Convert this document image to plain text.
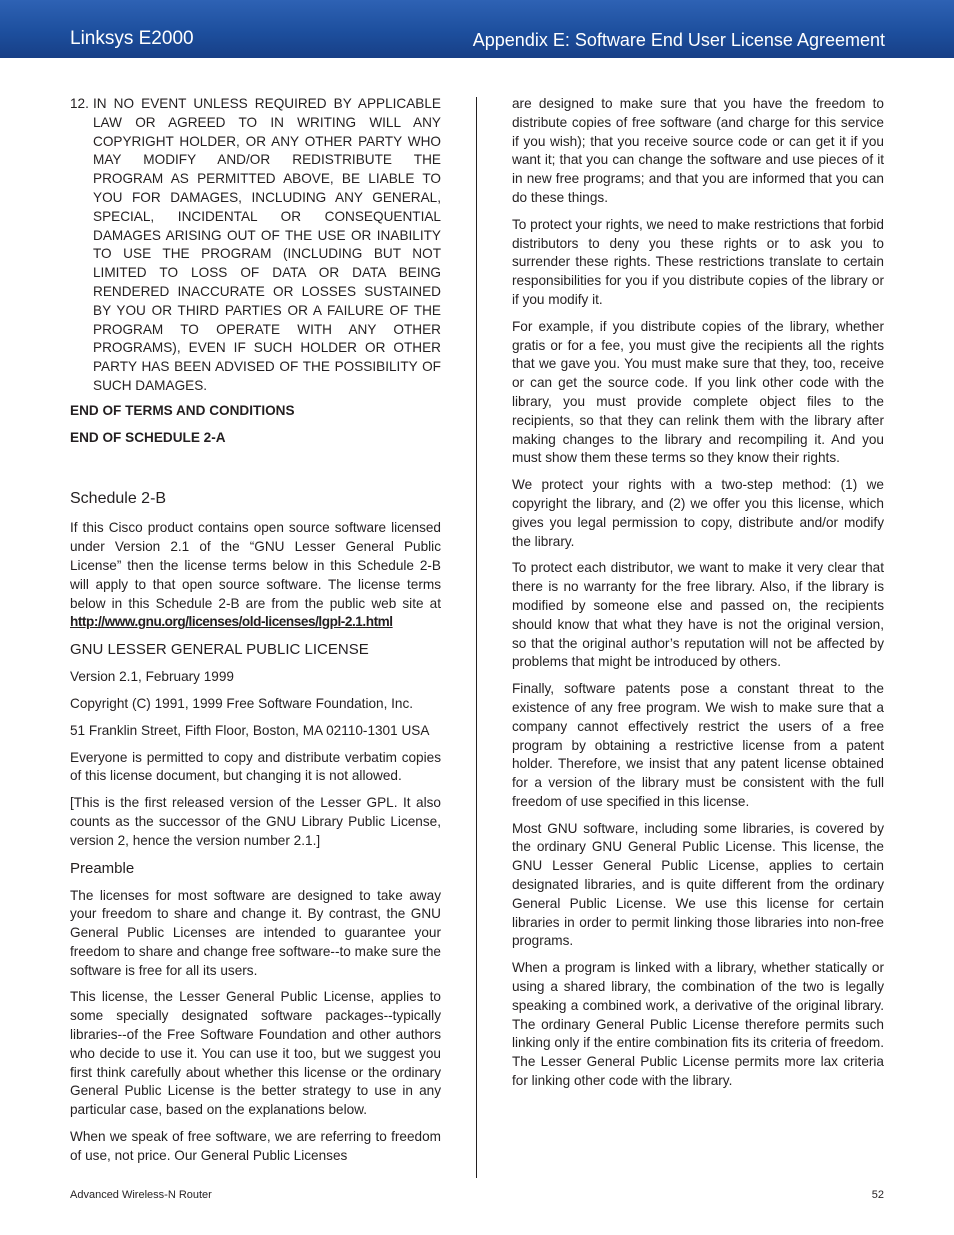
Linksys E2000	Appendix E: Software End User License Agreement
12. IN NO EVENT UNLESS REQUIRED BY APPLICABLE LAW OR AGREED TO IN WRITING WILL ANY COPYRIGHT HOLDER, OR ANY OTHER PARTY WHO MAY MODIFY AND/OR REDISTRIBUTE THE PROGRAM AS PERMITTED ABOVE, BE LIABLE TO YOU FOR DAMAGES, INCLUDING ANY GENERAL, SPECIAL, INCIDENTAL OR CONSEQUENTIAL DAMAGES ARISING OUT OF THE USE OR INABILITY TO USE THE PROGRAM (INCLUDING BUT NOT LIMITED TO LOSS OF DATA OR DATA BEING RENDERED INACCURATE OR LOSSES SUSTAINED BY YOU OR THIRD PARTIES OR A FAILURE OF THE PROGRAM TO OPERATE WITH ANY OTHER PROGRAMS), EVEN IF SUCH HOLDER OR OTHER PARTY HAS BEEN ADVISED OF THE POSSIBILITY OF SUCH DAMAGES.
END OF TERMS AND CONDITIONS
END OF SCHEDULE 2-A
Schedule 2-B

If this Cisco product contains open source software licensed under Version 2.1 of the “GNU Lesser General Public License” then the license terms below in this Schedule 2-B will apply to that open source software. The license terms below in this Schedule 2-B are from the public web site at http://www.gnu.org/licenses/old-licenses/lgpl-2.1.html

GNU LESSER GENERAL PUBLIC LICENSE
Version 2.1, February 1999
Copyright (C) 1991, 1999 Free Software Foundation, Inc.
51 Franklin Street, Fifth Floor, Boston, MA 02110-1301 USA

Everyone is permitted to copy and distribute verbatim copies of this license document, but changing it is not allowed.

[This is the first released version of the Lesser GPL. It also counts as the successor of the GNU Library Public License, version 2, hence the version number 2.1.]

Preamble

The licenses for most software are designed to take away your freedom to share and change it. By contrast, the GNU General Public Licenses are intended to guarantee your freedom to share and change free software--to make sure the software is free for all its users.

This license, the Lesser General Public License, applies to some specially designated software packages--typically libraries--of the Free Software Foundation and other authors who decide to use it. You can use it too, but we suggest you first think carefully about whether this license or the ordinary General Public License is the better strategy to use in any particular case, based on the explanations below.

When we speak of free software, we are referring to freedom of use, not price. Our General Public Licenses

are designed to make sure that you have the freedom to distribute copies of free software (and charge for this service if you wish); that you receive source code or can get it if you want it; that you can change the software and use pieces of it in new free programs; and that you are informed that you can do these things.

To protect your rights, we need to make restrictions that forbid distributors to deny you these rights or to ask you to surrender these rights. These restrictions translate to certain responsibilities for you if you distribute copies of the library or if you modify it.

For example, if you distribute copies of the library, whether gratis or for a fee, you must give the recipients all the rights that we gave you. You must make sure that they, too, receive or can get the source code. If you link other code with the library, you must provide complete object files to the recipients, so that they can relink them with the library after making changes to the library and recompiling it. And you must show them these terms so they know their rights.

We protect your rights with a two-step method: (1) we copyright the library, and (2) we offer you this license, which gives you legal permission to copy, distribute and/or modify the library.

To protect each distributor, we want to make it very clear that there is no warranty for the free library. Also, if the library is modified by someone else and passed on, the recipients should know that what they have is not the original version, so that the original author’s reputation will not be affected by problems that might be introduced by others.

Finally, software patents pose a constant threat to the existence of any free program. We wish to make sure that a company cannot effectively restrict the users of a free program by obtaining a restrictive license from a patent holder. Therefore, we insist that any patent license obtained for a version of the library must be consistent with the full freedom of use specified in this license.

Most GNU software, including some libraries, is covered by the ordinary GNU General Public License. This license, the GNU Lesser General Public License, applies to certain designated libraries, and is quite different from the ordinary General Public License. We use this license for certain libraries in order to permit linking those libraries into non-free programs.

When a program is linked with a library, whether statically or using a shared library, the combination of the two is legally speaking a combined work, a derivative of the original library. The ordinary General Public License therefore permits such linking only if the entire combination fits its criteria of freedom. The Lesser General Public License permits more lax criteria for linking other code with the library.

Advanced Wireless-N Router	52
